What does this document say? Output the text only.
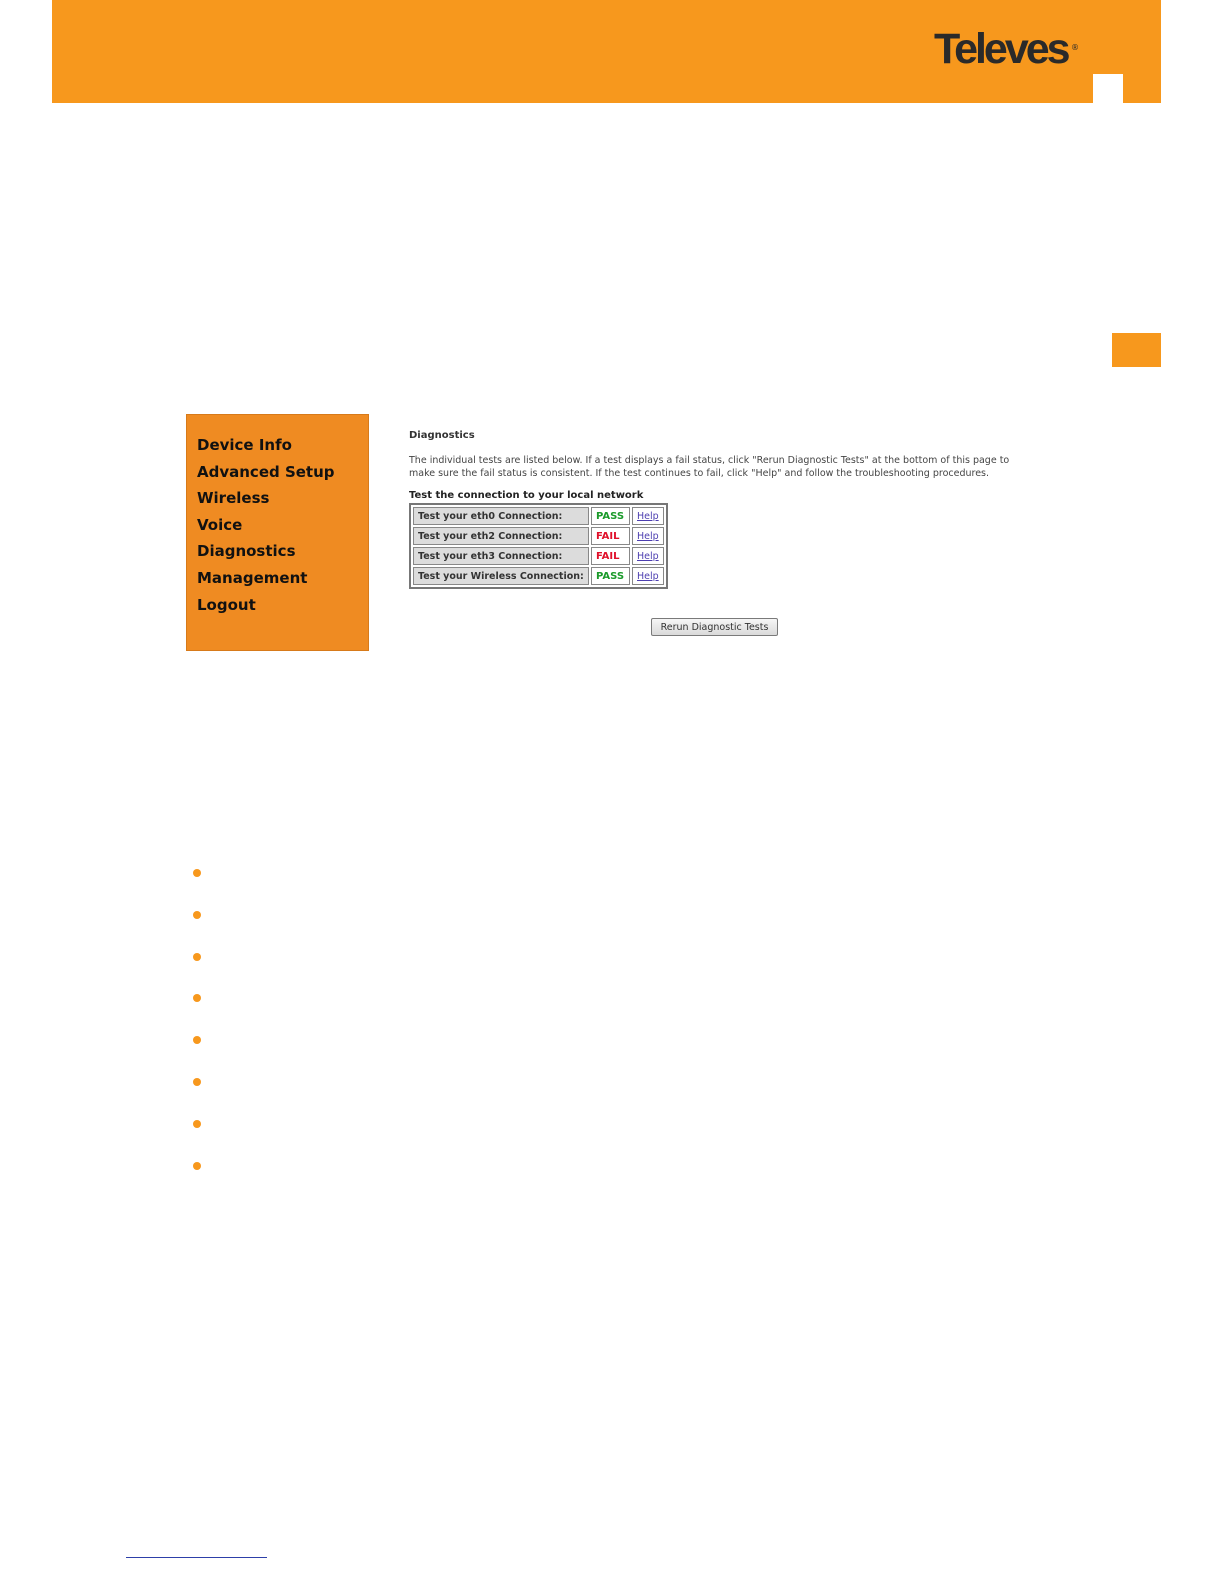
Televes ®
Device Info
Advanced Setup
Wireless
Voice
Diagnostics
Management
Logout
Diagnostics

The individual tests are listed below. If a test displays a fail status, click "Rerun Diagnostic Tests" at the bottom of this page to make sure the fail status is consistent. If the test continues to fail, click "Help" and follow the troubleshooting procedures.

Test the connection to your local network
Test your eth0 Connection:	PASS	Help
Test your eth2 Connection:	FAIL	Help
Test your eth3 Connection:	FAIL	Help
Test your Wireless Connection:	PASS	Help
Rerun Diagnostic Tests
